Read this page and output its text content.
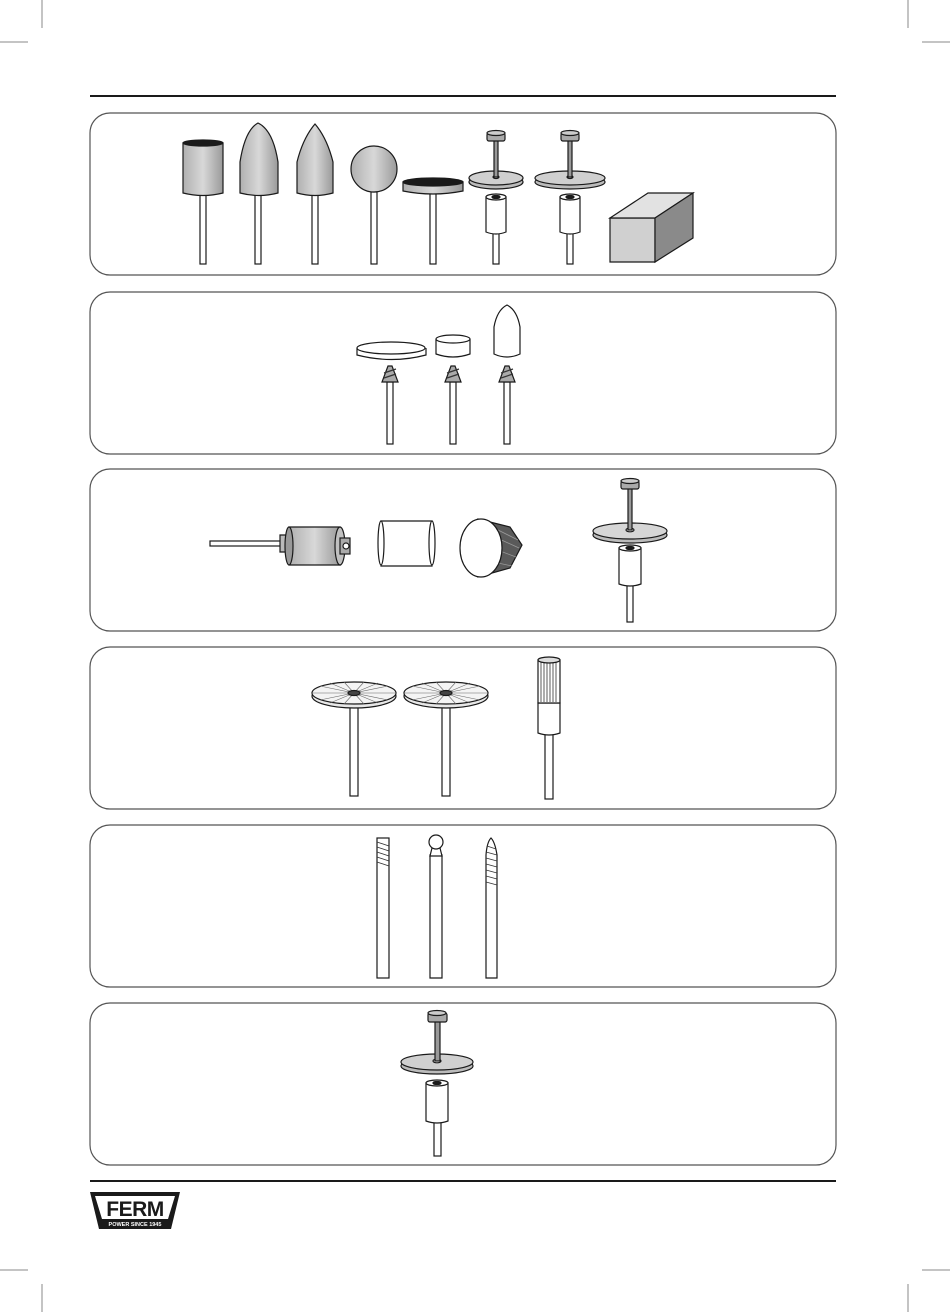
FERM
POWER SINCE 1945
